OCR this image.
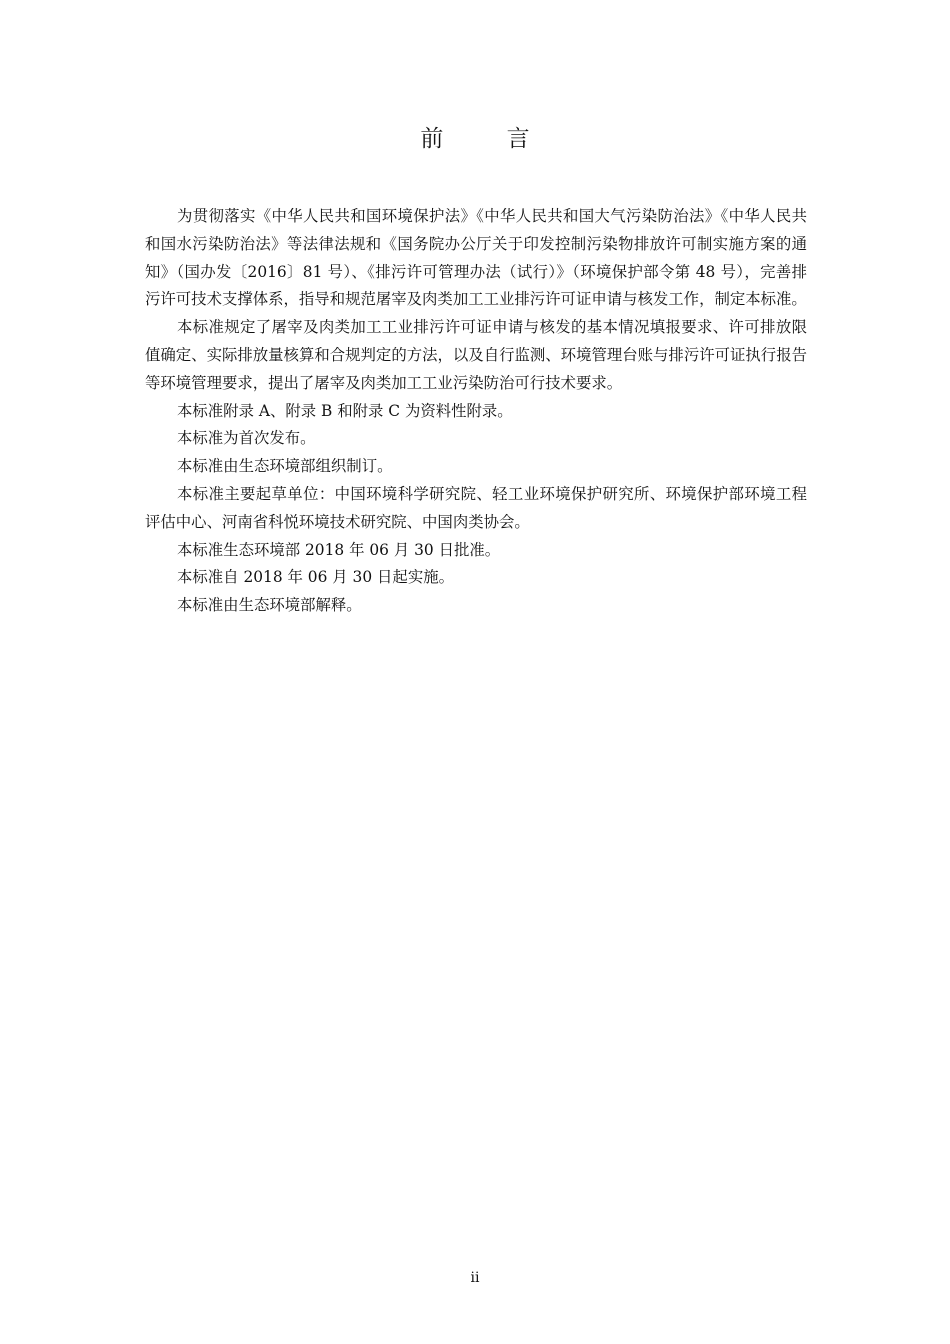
前 言

为贯彻落实《中华人民共和国环境保护法》《中华人民共和国大气污染防治法》《中华人民共和国水污染防治法》等法律法规和《国务院办公厅关于印发控制污染物排放许可制实施方案的通知》（国办发〔2016〕81 号）、《排污许可管理办法（试行）》（环境保护部令第 48 号），完善排污许可技术支撑体系，指导和规范屠宰及肉类加工工业排污许可证申请与核发工作，制定本标准。

本标准规定了屠宰及肉类加工工业排污许可证申请与核发的基本情况填报要求、许可排放限值确定、实际排放量核算和合规判定的方法，以及自行监测、环境管理台账与排污许可证执行报告等环境管理要求，提出了屠宰及肉类加工工业污染防治可行技术要求。

本标准附录 A、附录 B 和附录 C 为资料性附录。

本标准为首次发布。

本标准由生态环境部组织制订。

本标准主要起草单位：中国环境科学研究院、轻工业环境保护研究所、环境保护部环境工程评估中心、河南省科悦环境技术研究院、中国肉类协会。

本标准生态环境部 2018 年 06 月 30 日批准。

本标准自 2018 年 06 月 30 日起实施。

本标准由生态环境部解释。

ii
